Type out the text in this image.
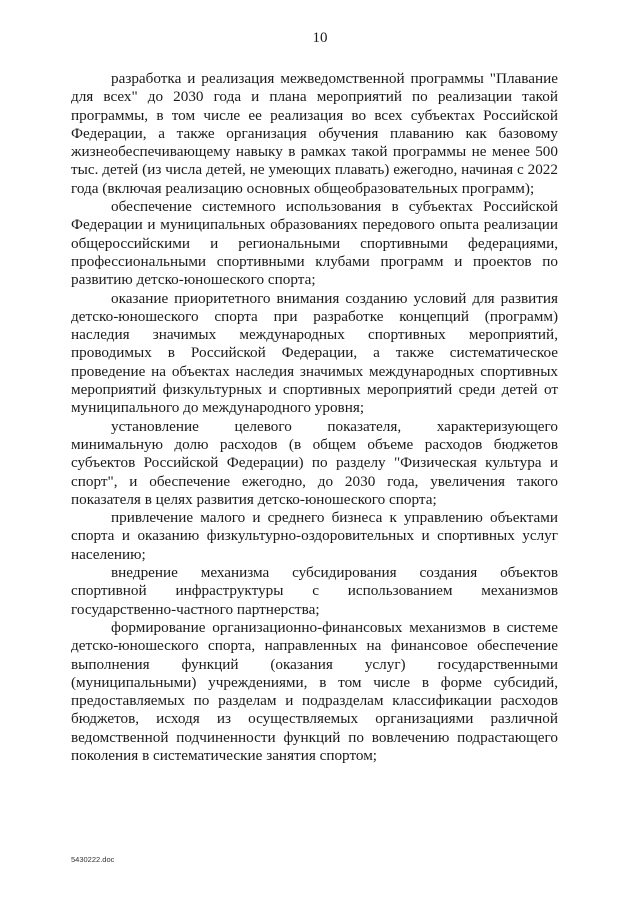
10

разработка и реализация межведомственной программы "Плавание для всех" до 2030 года и плана мероприятий по реализации такой программы, в том числе ее реализация во всех субъектах Российской Федерации, а также организация обучения плаванию как базовому жизнеобеспечивающему навыку в рамках такой программы не менее 500 тыс. детей (из числа детей, не умеющих плавать) ежегодно, начиная с 2022 года (включая реализацию основных общеобразовательных программ);

обеспечение системного использования в субъектах Российской Федерации и муниципальных образованиях передового опыта реализации общероссийскими и региональными спортивными федерациями, профессиональными спортивными клубами программ и проектов по развитию детско-юношеского спорта;

оказание приоритетного внимания созданию условий для развития детско-юношеского спорта при разработке концепций (программ) наследия значимых международных спортивных мероприятий, проводимых в Российской Федерации, а также систематическое проведение на объектах наследия значимых международных спортивных мероприятий физкультурных и спортивных мероприятий среди детей от муниципального до международного уровня;

установление целевого показателя, характеризующего минимальную долю расходов (в общем объеме расходов бюджетов субъектов Российской Федерации) по разделу "Физическая культура и спорт", и обеспечение ежегодно, до 2030 года, увеличения такого показателя в целях развития детско-юношеского спорта;

привлечение малого и среднего бизнеса к управлению объектами спорта и оказанию физкультурно-оздоровительных и спортивных услуг населению;

внедрение механизма субсидирования создания объектов спортивной инфраструктуры с использованием механизмов государственно-частного партнерства;

формирование организационно-финансовых механизмов в системе детско-юношеского спорта, направленных на финансовое обеспечение выполнения функций (оказания услуг) государственными (муниципальными) учреждениями, в том числе в форме субсидий, предоставляемых по разделам и подразделам классификации расходов бюджетов, исходя из осуществляемых организациями различной ведомственной подчиненности функций по вовлечению подрастающего поколения в систематические занятия спортом;

5430222.doc
